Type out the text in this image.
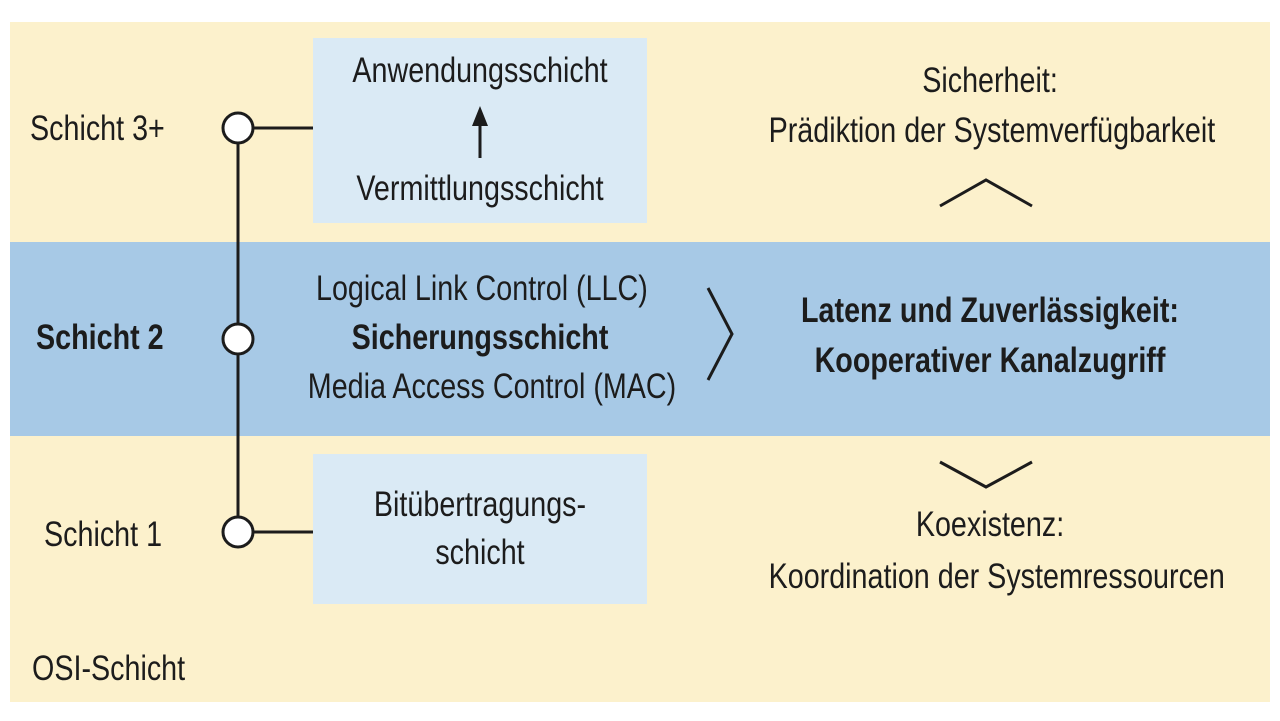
Schicht 3+
Schicht 2
Schicht 1
OSI-Schicht
Anwendungsschicht
Vermittlungsschicht
Logical Link Control (LLC)
Sicherungsschicht
Media Access Control (MAC)
Bitübertragungs-
schicht
Sicherheit:
Prädiktion der Systemverfügbarkeit
Latenz und Zuverlässigkeit:
Kooperativer Kanalzugriff
Koexistenz:
Koordination der Systemressourcen
